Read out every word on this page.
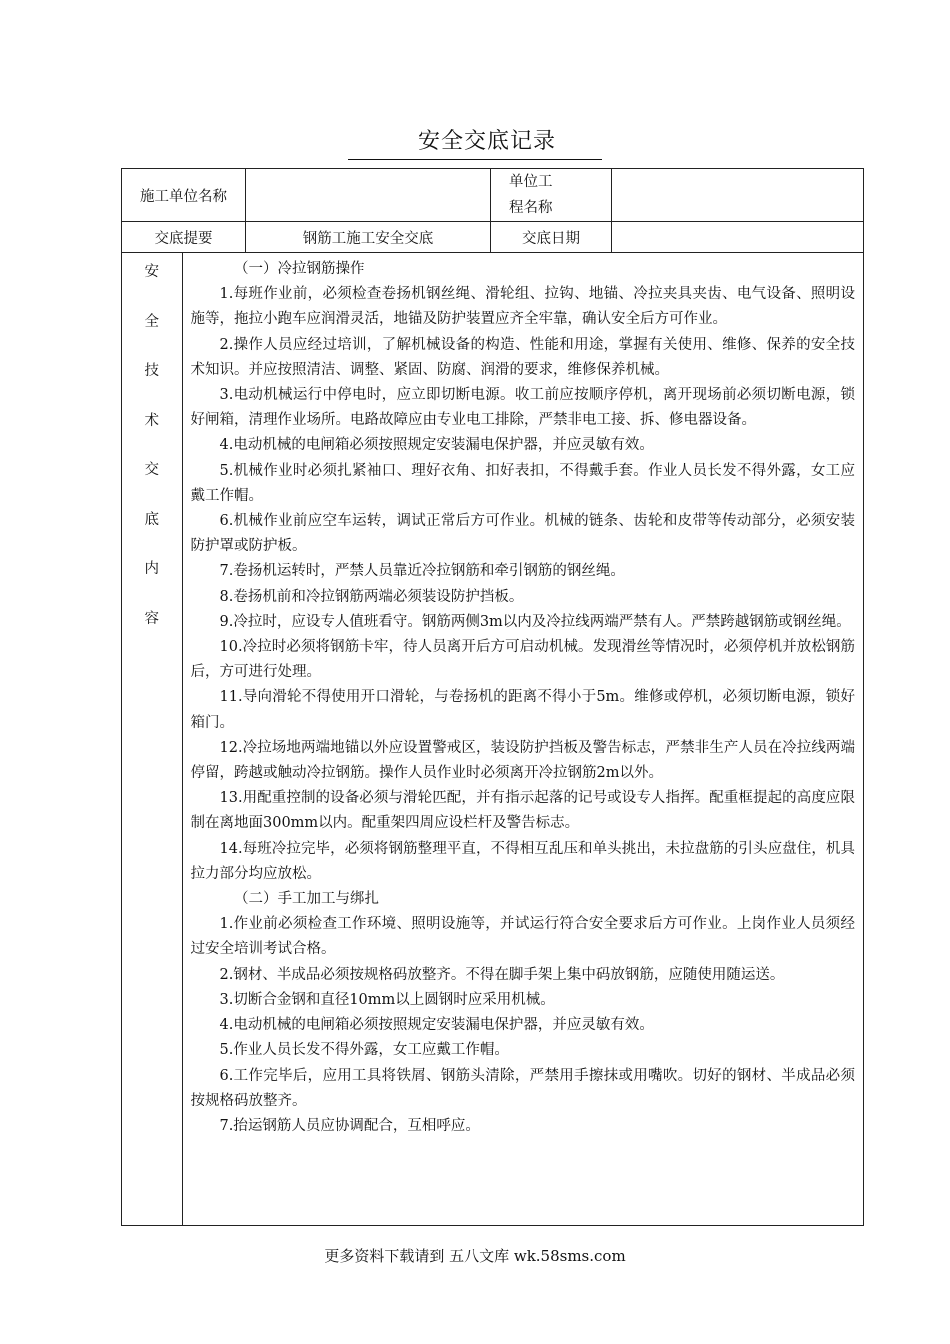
安全交底记录
施工单位名称		单位工
程名称	
交底提要	钢筋工施工安全交底	交底日期	

安
全
技
术
交
底
内
容

（一）冷拉钢筋操作

1.每班作业前，必须检查卷扬机钢丝绳、滑轮组、拉钩、地锚、冷拉夹具夹齿、电气设备、照明设施等，拖拉小跑车应润滑灵活，地锚及防护装置应齐全牢靠，确认安全后方可作业。

2.操作人员应经过培训，了解机械设备的构造、性能和用途，掌握有关使用、维修、保养的安全技术知识。并应按照清洁、调整、紧固、防腐、润滑的要求，维修保养机械。

3.电动机械运行中停电时，应立即切断电源。收工前应按顺序停机，离开现场前必须切断电源，锁好闸箱，清理作业场所。电路故障应由专业电工排除，严禁非电工接、拆、修电器设备。

4.电动机械的电闸箱必须按照规定安装漏电保护器，并应灵敏有效。

5.机械作业时必须扎紧袖口、理好衣角、扣好表扣，不得戴手套。作业人员长发不得外露，女工应戴工作帽。

6.机械作业前应空车运转，调试正常后方可作业。机械的链条、齿轮和皮带等传动部分，必须安装防护罩或防护板。

7.卷扬机运转时，严禁人员靠近冷拉钢筋和牵引钢筋的钢丝绳。

8.卷扬机前和冷拉钢筋两端必须装设防护挡板。

9.冷拉时，应设专人值班看守。钢筋两侧3m以内及冷拉线两端严禁有人。严禁跨越钢筋或钢丝绳。

10.冷拉时必须将钢筋卡牢，待人员离开后方可启动机械。发现滑丝等情况时，必须停机并放松钢筋后，方可进行处理。

11.导向滑轮不得使用开口滑轮，与卷扬机的距离不得小于5m。维修或停机，必须切断电源，锁好箱门。

12.冷拉场地两端地锚以外应设置警戒区，装设防护挡板及警告标志，严禁非生产人员在冷拉线两端停留，跨越或触动冷拉钢筋。操作人员作业时必须离开冷拉钢筋2m以外。

13.用配重控制的设备必须与滑轮匹配，并有指示起落的记号或设专人指挥。配重框提起的高度应限制在离地面300mm以内。配重架四周应设栏杆及警告标志。

14.每班冷拉完毕，必须将钢筋整理平直，不得相互乱压和单头挑出，未拉盘筋的引头应盘住，机具拉力部分均应放松。

（二）手工加工与绑扎

1.作业前必须检查工作环境、照明设施等，并试运行符合安全要求后方可作业。上岗作业人员须经过安全培训考试合格。

2.钢材、半成品必须按规格码放整齐。不得在脚手架上集中码放钢筋，应随使用随运送。

3.切断合金钢和直径10mm以上圆钢时应采用机械。

4.电动机械的电闸箱必须按照规定安装漏电保护器，并应灵敏有效。

5.作业人员长发不得外露，女工应戴工作帽。

6.工作完毕后，应用工具将铁屑、钢筋头清除，严禁用手擦抹或用嘴吹。切好的钢材、半成品必须按规格码放整齐。

7.抬运钢筋人员应协调配合，互相呼应。

更多资料下载请到 五八文库 wk.58sms.com
